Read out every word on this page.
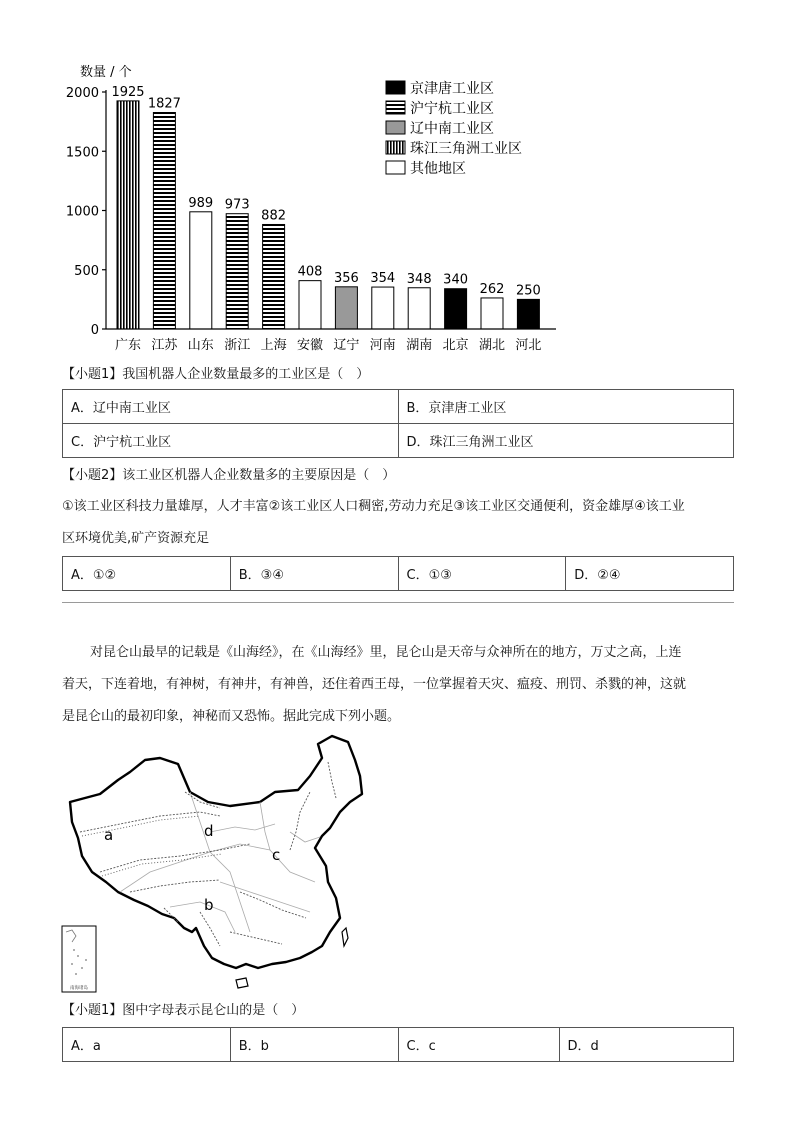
数量 / 个
0
500
1000
1500
2000 1925
广东
1827
江苏
989
山东
973
浙江
882
上海
408
安徽
356
辽宁
354
河南
348
湖南
340
北京
262
湖北
250
河北
京津唐工业区
沪宁杭工业区
辽中南工业区
珠江三角洲工业区
其他地区
【小题1】我国机器人企业数量最多的工业区是（　）
A．辽中南工业区	B．京津唐工业区
C．沪宁杭工业区	D．珠江三角洲工业区
【小题2】该工业区机器人企业数量多的主要原因是（　）
①该工业区科技力量雄厚，人才丰富②该工业区人口稠密,劳动力充足③该工业区交通便利，资金雄厚④该工业
区环境优美,矿产资源充足
A．①②	B．③④	C．①③	D．②④
对昆仑山最早的记载是《山海经》，在《山海经》里，昆仑山是天帝与众神所在的地方，万丈之高，上连
着天，下连着地，有神树，有神井，有神兽，还住着西王母，一位掌握着天灾、瘟疫、刑罚、杀戮的神，这就
是昆仑山的最初印象，神秘而又恐怖。据此完成下列小题。
a
b
c
d
南海诸岛
【小题1】图中字母表示昆仑山的是（　）
A．a	B．b	C．c	D．d
